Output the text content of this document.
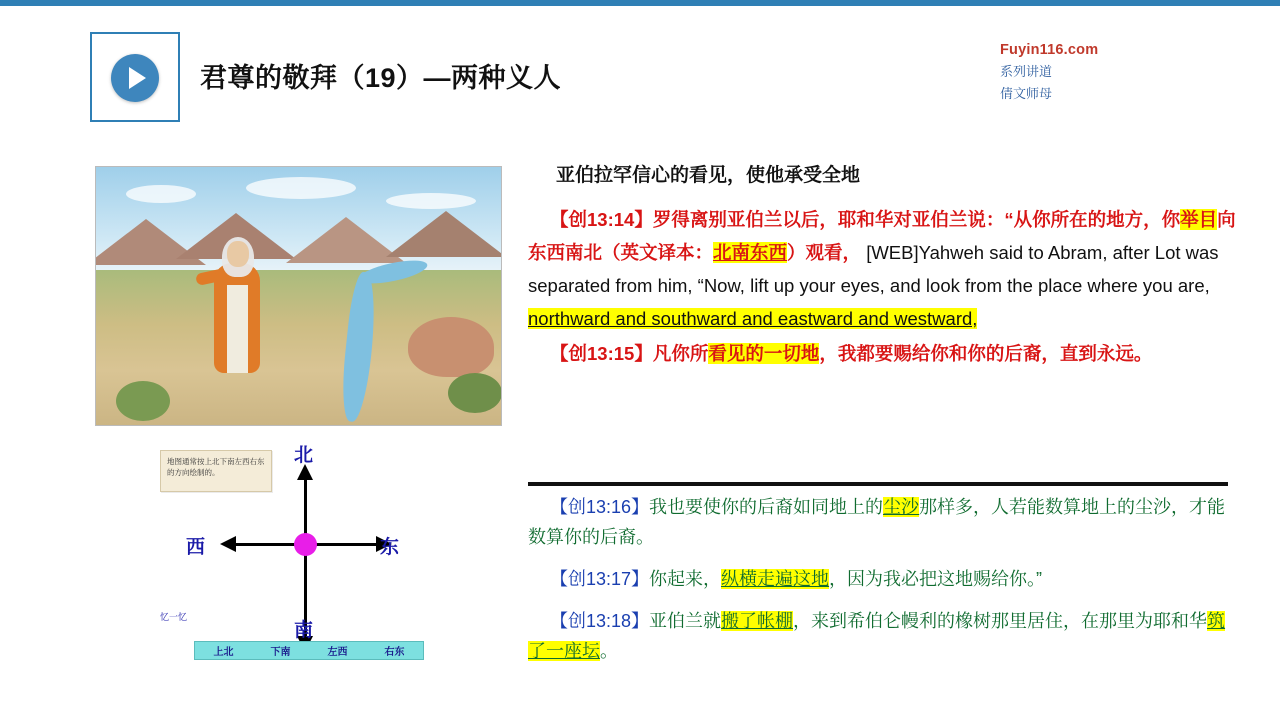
君尊的敬拜（19）—两种义人
Fuyin116.com
系列讲道
倩文师母
地图通常按上北下南左西右东的方向绘制的。
北
南
西	东
忆一忆
上北	下南	左西	右东
亚伯拉罕信心的看见，使他承受全地

【创13:14】罗得离别亚伯兰以后，耶和华对亚伯兰说：“从你所在的地方，你举目向东西南北（英文译本：北南东西）观看， [WEB]Yahweh said to Abram, after Lot was separated from him, “Now, lift up your eyes, and look from the place where you are, northward and southward and eastward and westward,

【创13:15】凡你所看见的一切地，我都要赐给你和你的后裔，直到永远。

【创13:16】我也要使你的后裔如同地上的尘沙那样多，人若能数算地上的尘沙，才能数算你的后裔。

【创13:17】你起来，纵横走遍这地，因为我必把这地赐给你。”

【创13:18】亚伯兰就搬了帐棚，来到希伯仑幔利的橡树那里居住，在那里为耶和华筑了一座坛。
